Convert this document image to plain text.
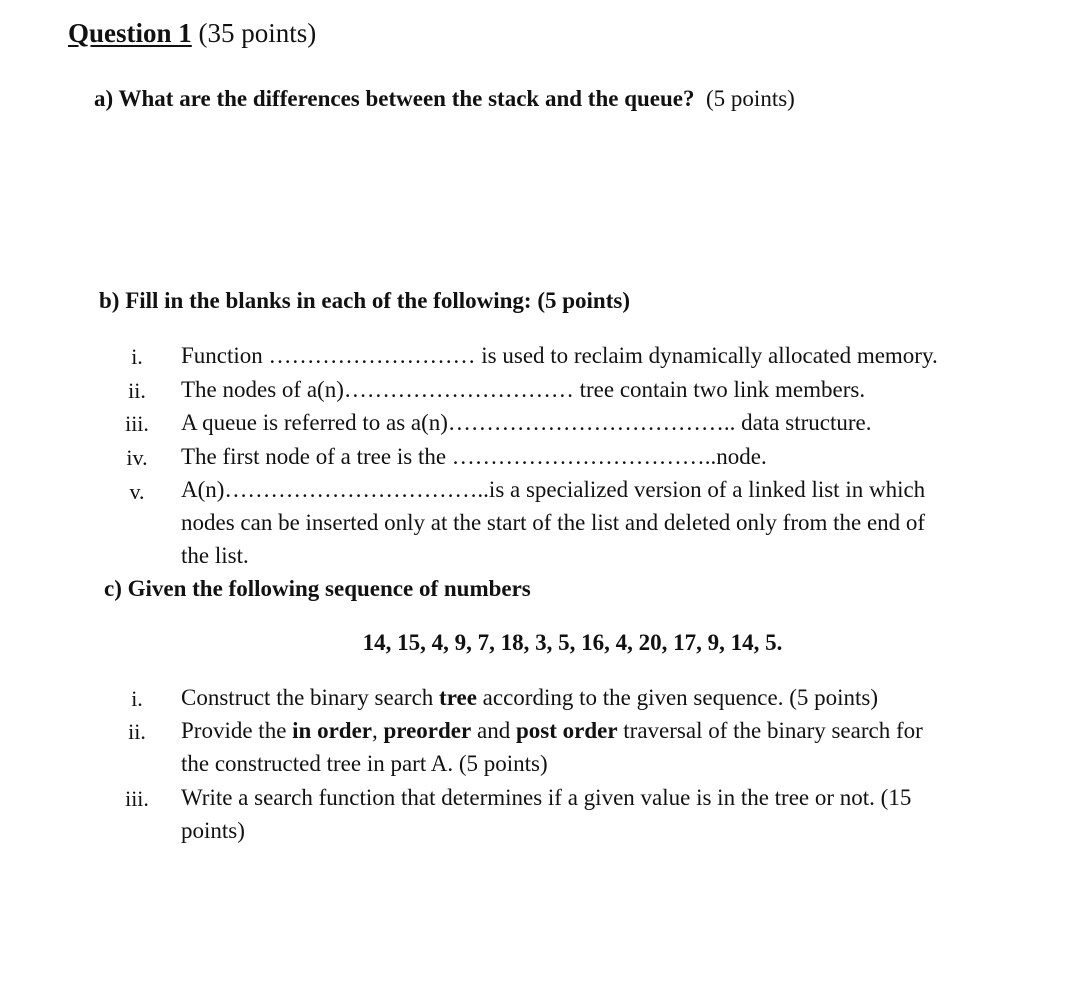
Question 1 (35 points)
a) What are the differences between the stack and the queue? (5 points)
b) Fill in the blanks in each of the following: (5 points)
i.	Function ……………………… is used to reclaim dynamically allocated memory.
ii.	The nodes of a(n)………………………… tree contain two link members.
iii.	A queue is referred to as a(n)……………………………….. data structure.
iv.	The first node of a tree is the ……………………………..node.
v.	A(n)……………………………..is a specialized version of a linked list in which
nodes can be inserted only at the start of the list and deleted only from the end of
the list.
c) Given the following sequence of numbers
14, 15, 4, 9, 7, 18, 3, 5, 16, 4, 20, 17, 9, 14, 5.
i.	Construct the binary search tree according to the given sequence. (5 points)
ii.	Provide the in order, preorder and post order traversal of the binary search for
the constructed tree in part A. (5 points)
iii.	Write a search function that determines if a given value is in the tree or not. (15
points)
